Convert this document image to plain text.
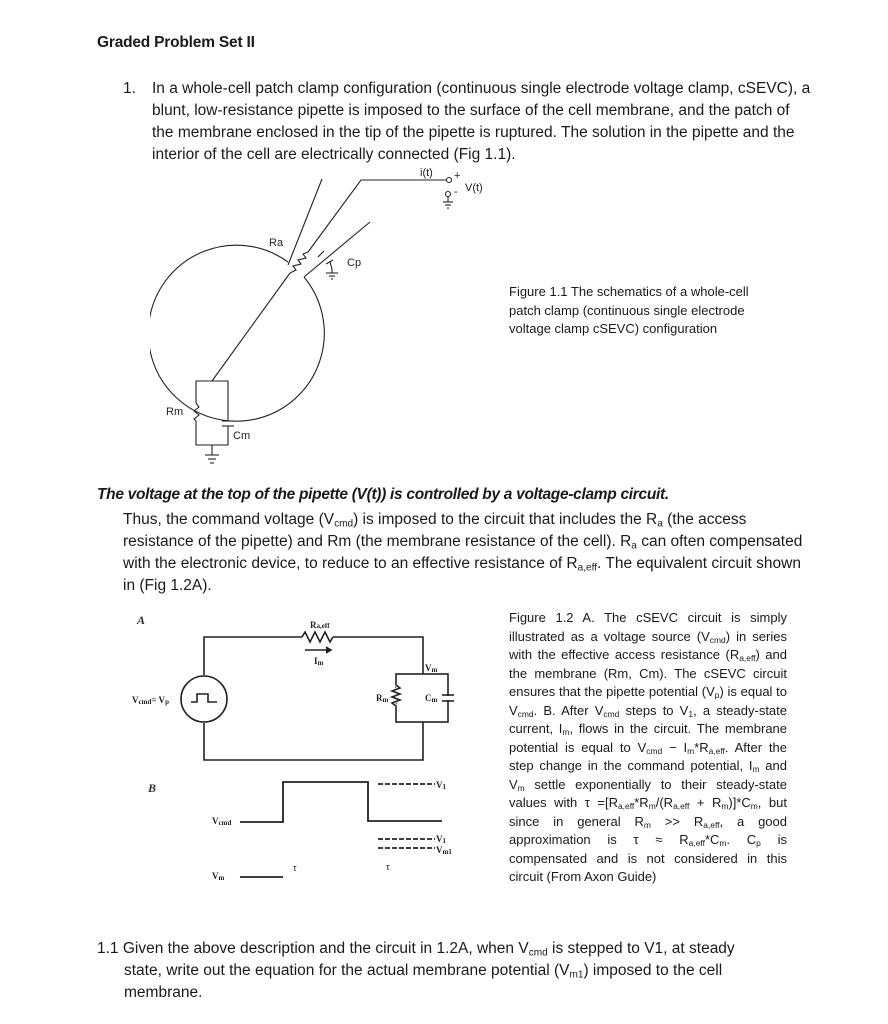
Graded Problem Set II
1. In a whole-cell patch clamp configuration (continuous single electrode voltage clamp, cSEVC), a blunt, low-resistance pipette is imposed to the surface of the cell membrane, and the patch of the membrane enclosed in the tip of the pipette is ruptured. The solution in the pipette and the interior of the cell are electrically connected (Fig 1.1).
i(t) +
- V(t)
Ra
Cp
Rm
Cm
Figure 1.1 The schematics of a whole-cell patch clamp (continuous single electrode voltage clamp cSEVC) configuration
The voltage at the top of the pipette (V(t)) is controlled by a voltage-clamp circuit.
Thus, the command voltage $(V_{cmd})$ is imposed to the circuit that includes the $R_a$ (the access resistance of the pipette) and Rm (the membrane resistance of the cell). $R_a$ can often compensated with the electronic device, to reduce to an effective resistance of $R_{a,eff}$. The equivalent circuit shown in (Fig 1.2A).
A	Ra,eff
Im	Vm
Rm	Cm
Vcmd= Vp
B
Vcmd
Vm
V1
V1
Vm1
τ	τ
Figure 1.2 A. The cSEVC circuit is simply illustrated as a voltage source $(V_{cmd})$ in series with the effective access resistance $(R_{a,eff})$ and the membrane (Rm, Cm). The cSEVC circuit ensures that the pipette potential $(V_p)$ is equal to $V_{cmd}$. B. After $V_{cmd}$ steps to $V_1$, a steady-state current, $I_m$, flows in the circuit. The membrane potential is equal to $V_{cmd} - I_m*R_{a,eff}$. After the step change in the command potential, $I_m$ and $V_m$ settle exponentially to their steady-state values with $\tau =[R_{a,eff}*R_m/(R_{a,eff} + R_m)]*C_m$, but since in general $R_m >> R_{a,eff}$, a good approximation is $\tau \approx R_{a,eff}*C_m$. $C_p$ is compensated and is not considered in this circuit (From Axon Guide)
1.1 Given the above description and the circuit in 1.2A, when $V_{cmd}$ is stepped to V1, at steady
state, write out the equation for the actual membrane potential $(V_{m1})$ imposed to the cell
membrane.
